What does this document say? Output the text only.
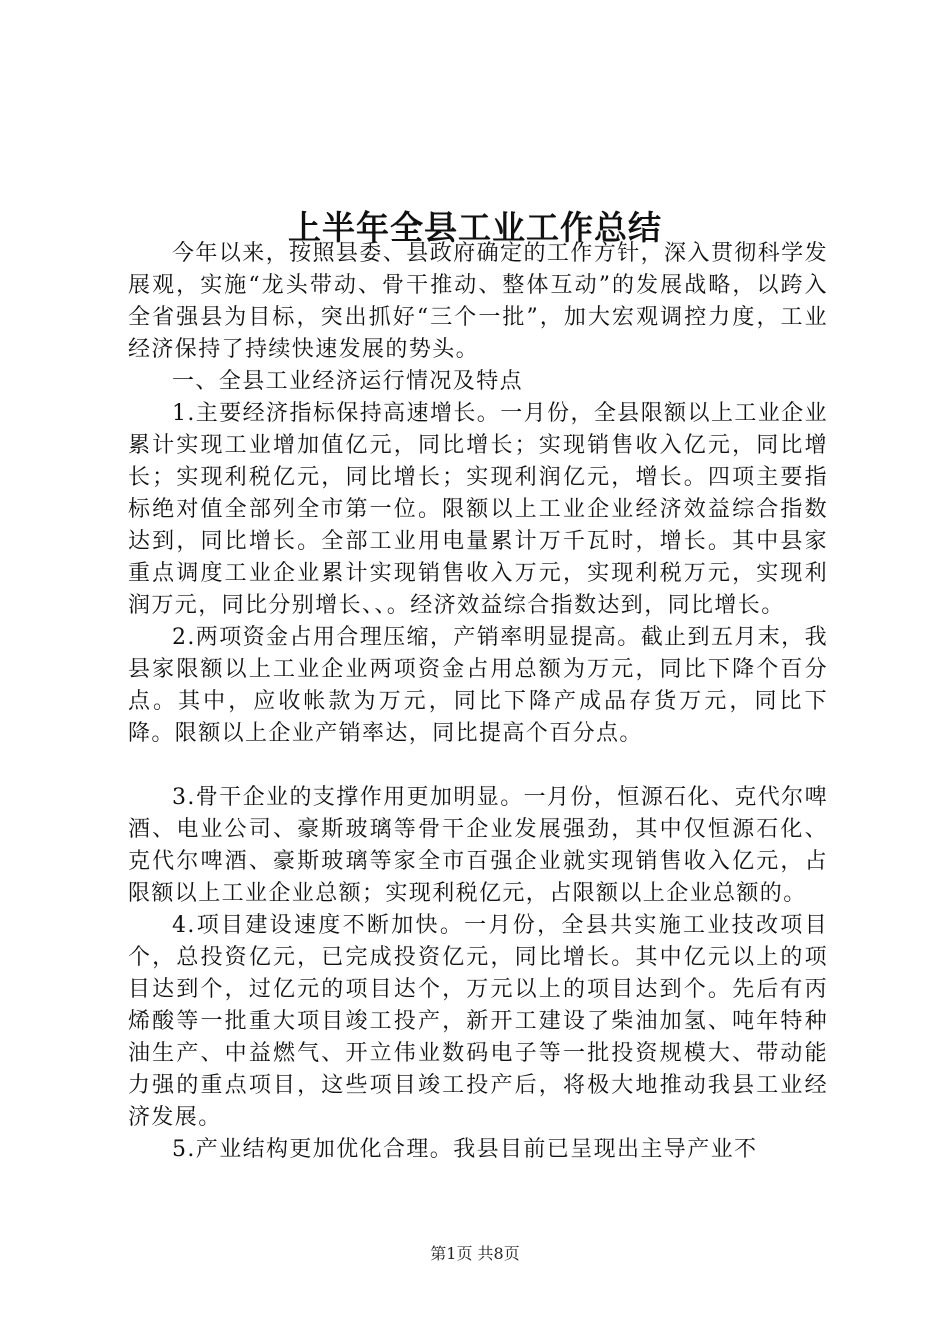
上半年全县工业工作总结

今年以来，按照县委、县政府确定的工作方针，深入贯彻科学发展观，实施“龙头带动、骨干推动、整体互动”的发展战略，以跨入全省强县为目标，突出抓好“三个一批”，加大宏观调控力度，工业经济保持了持续快速发展的势头。

一、全县工业经济运行情况及特点

1.主要经济指标保持高速增长。一月份，全县限额以上工业企业累计实现工业增加值亿元，同比增长；实现销售收入亿元，同比增长；实现利税亿元，同比增长；实现利润亿元，增长。四项主要指标绝对值全部列全市第一位。限额以上工业企业经济效益综合指数达到，同比增长。全部工业用电量累计万千瓦时，增长。其中县家重点调度工业企业累计实现销售收入万元，实现利税万元，实现利润万元，同比分别增长、、。经济效益综合指数达到，同比增长。

2.两项资金占用合理压缩，产销率明显提高。截止到五月末，我县家限额以上工业企业两项资金占用总额为万元，同比下降个百分点。其中，应收帐款为万元，同比下降产成品存货万元，同比下降。限额以上企业产销率达，同比提高个百分点。

3.骨干企业的支撑作用更加明显。一月份，恒源石化、克代尔啤酒、电业公司、豪斯玻璃等骨干企业发展强劲，其中仅恒源石化、克代尔啤酒、豪斯玻璃等家全市百强企业就实现销售收入亿元，占限额以上工业企业总额；实现利税亿元，占限额以上企业总额的。

4.项目建设速度不断加快。一月份，全县共实施工业技改项目个，总投资亿元，已完成投资亿元，同比增长。其中亿元以上的项目达到个，过亿元的项目达个，万元以上的项目达到个。先后有丙烯酸等一批重大项目竣工投产，新开工建设了柴油加氢、吨年特种油生产、中益燃气、开立伟业数码电子等一批投资规模大、带动能力强的重点项目，这些项目竣工投产后，将极大地推动我县工业经济发展。

5.产业结构更加优化合理。我县目前已呈现出主导产业不

第1页 共8页
